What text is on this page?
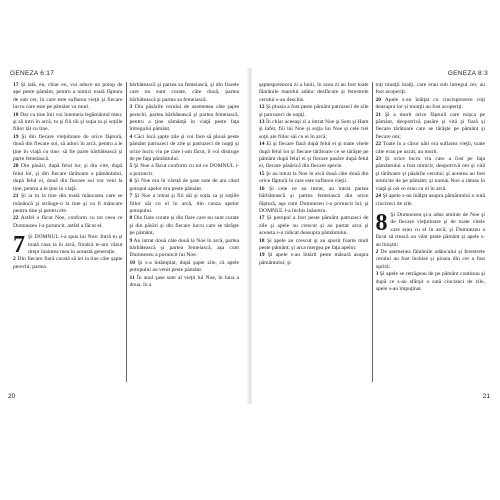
GENEZA 6:17

17 Şi iată, eu, chiar eu, voi aduce un potop de ape peste pământ, pentru a nimici toată făptura de sub cer, în care este suflarea vieţii şi fiecare lucru care este pe pământ va muri.

18 Dar cu tine îmi voi întemeia legământul meu; şi să intri în arcă, tu şi fiii tăi şi soţia ta şi soţiile fiilor tăi cu tine.

19 Şi din fiecare vieţuitoare de orice făptură, două din fiecare soi, să aduci în arcă, pentru a le ţine în viaţă cu tine: să fie parte bărbătească şi parte femeiască.

20 Din păsări, după felul lor, şi din vite, după felul lor, şi din fiecare târâtoare a pământului, după felul ei, două din fiecare soi vor veni la tine, pentru a le ţine în viaţă.

21 Şi ia tu la tine din toată mâncarea care se mănâncă şi strânge-o la tine şi va fi mâncare pentru tine şi pentru ele.

22 Astfel a făcut Noe, conform cu tot ceea ce Dumnezeu i-a poruncit, astfel a făcut el.

7 Şi DOMNUL i-a spus lui Noe: Intră tu şi toată casa ta în arcă, fiindcă te-am văzut drept înaintea mea în această generaţie.

2 Din fiecare fiară curată să iei la tine câte şapte perechi, partea

bărbătească şi partea sa femeiască, şi din fiarele care nu sunt curate, câte două, partea bărbătească şi partea sa femeiască.

3 Din păsările cerului de asemenea câte şapte perechi, partea bărbătească şi partea femeiască, pentru a ţine sămânţă în viaţă peste faţa întregului pământ.

4 Căci încă şapte zile şi voi face să plouă peste pământ patruzeci de zile şi patruzeci de nopţi şi orice lucru viu pe care l-am făcut, îl voi distruge de pe faţa pământului.

5 Şi Noe a făcut conform cu tot ce DOMNUL i-a poruncit.

6 Şi Noe era în vârstă de şase sute de ani când potopul apelor era peste pământ.

7 Şi Noe a intrat şi fiii săi şi soţia sa şi soţiile fiilor săi cu el în arcă, din cauza apelor potopului.

8 Din fiare curate şi din fiare care nu sunt curate şi din păsări şi din fiecare lucru care se târăşte pe pământ,

9 Au intrat două câte două la Noe în arcă, partea bărbătească şi partea femeiască, aşa cum Dumnezeu a poruncit lui Noe.

10 Şi s-a întâmplat, după şapte zile, că apele potopului au venit peste pământ.

11 În anul şase sute al vieţii lui Noe, în luna a doua, în a

20
GENEZA 8:3

şaptesprezecea zi a lunii, în acea zi au fost toate fântânile marelui adânc desfăcute şi ferestrele cerului s-au deschis.

12 Şi ploaia a fost peste pământ patruzeci de zile şi patruzeci de nopţi.

13 În chiar aceeaşi zi a intrat Noe şi Sem şi Ham şi Iafet, fiii lui Noe şi soţia lui Noe şi cele trei soţii ale fiilor săi cu ei în arcă;

14 Ei şi fiecare fiară după felul ei şi toate vitele după felul lor şi fiecare târâtoare ce se târăşte pe pământ după felul ei şi fiecare pasăre după felul ei, fiecare păsărică din fiecare specie.

15 Şi au intrat la Noe în arcă două câte două din orice făptură în care este suflarea vieţii.

16 Şi cele ce au intrat, au intrat partea bărbătească şi partea femeiască din orice făptură, aşa cum Dumnezeu i-a poruncit lui; şi DOMNUL l-a închis înăuntru.

17 Şi potopul a fost peste pământ patruzeci de zile şi apele au crescut şi au purtat arca şi aceasta s-a ridicat deasupra pământului.

18 Şi apele au crescut şi au sporit foarte mult peste pământ; şi arca mergea pe faţa apelor.

19 Şi apele s-au întărit peste măsură asupra pământului; şi

toţi munţii înalţi, care erau sub întregul cer, au fost acoperiţi.

20 Apele s-au înălţat cu cincisprezece coţi deasupra lor şi munţii au fost acoperiţi.

21 Şi a murit orice făptură care mişca pe pământ, deopotrivă pasăre şi vită şi fiară şi fiecare târâtoare care se târăşte pe pământ şi fiecare om;

22 Toate în a căror nări era suflarea vieţii, toate câte erau pe uscat, au murit.

23 Şi orice lucru viu care a fost pe faţa pământului a fost nimicit, deopotrivă om şi vită şi târâtoare şi păsările cerului; şi acestea au fost nimicite de pe pământ; şi numai Noe a rămas în viaţă şi cei ce erau cu el în arcă.

24 Şi apele s-au înălţat asupra pământului o sută cincizeci de zile.

8 Şi Dumnezeu şi-a adus aminte de Noe şi de fiecare vieţuitoare şi de toate vitele care erau cu el în arcă; şi Dumnezeu a făcut să treacă un vânt peste pământ şi apele s-au liniştit;

2 De asemenea fântânile adâncului şi ferestrele cerului au fost închise şi ploaia din cer a fost oprită;

3 Şi apele se retrăgeau de pe pământ continuu şi după ce s-au sfârşit o sută cincizeci de zile, apele s-au împuţinat.

21
